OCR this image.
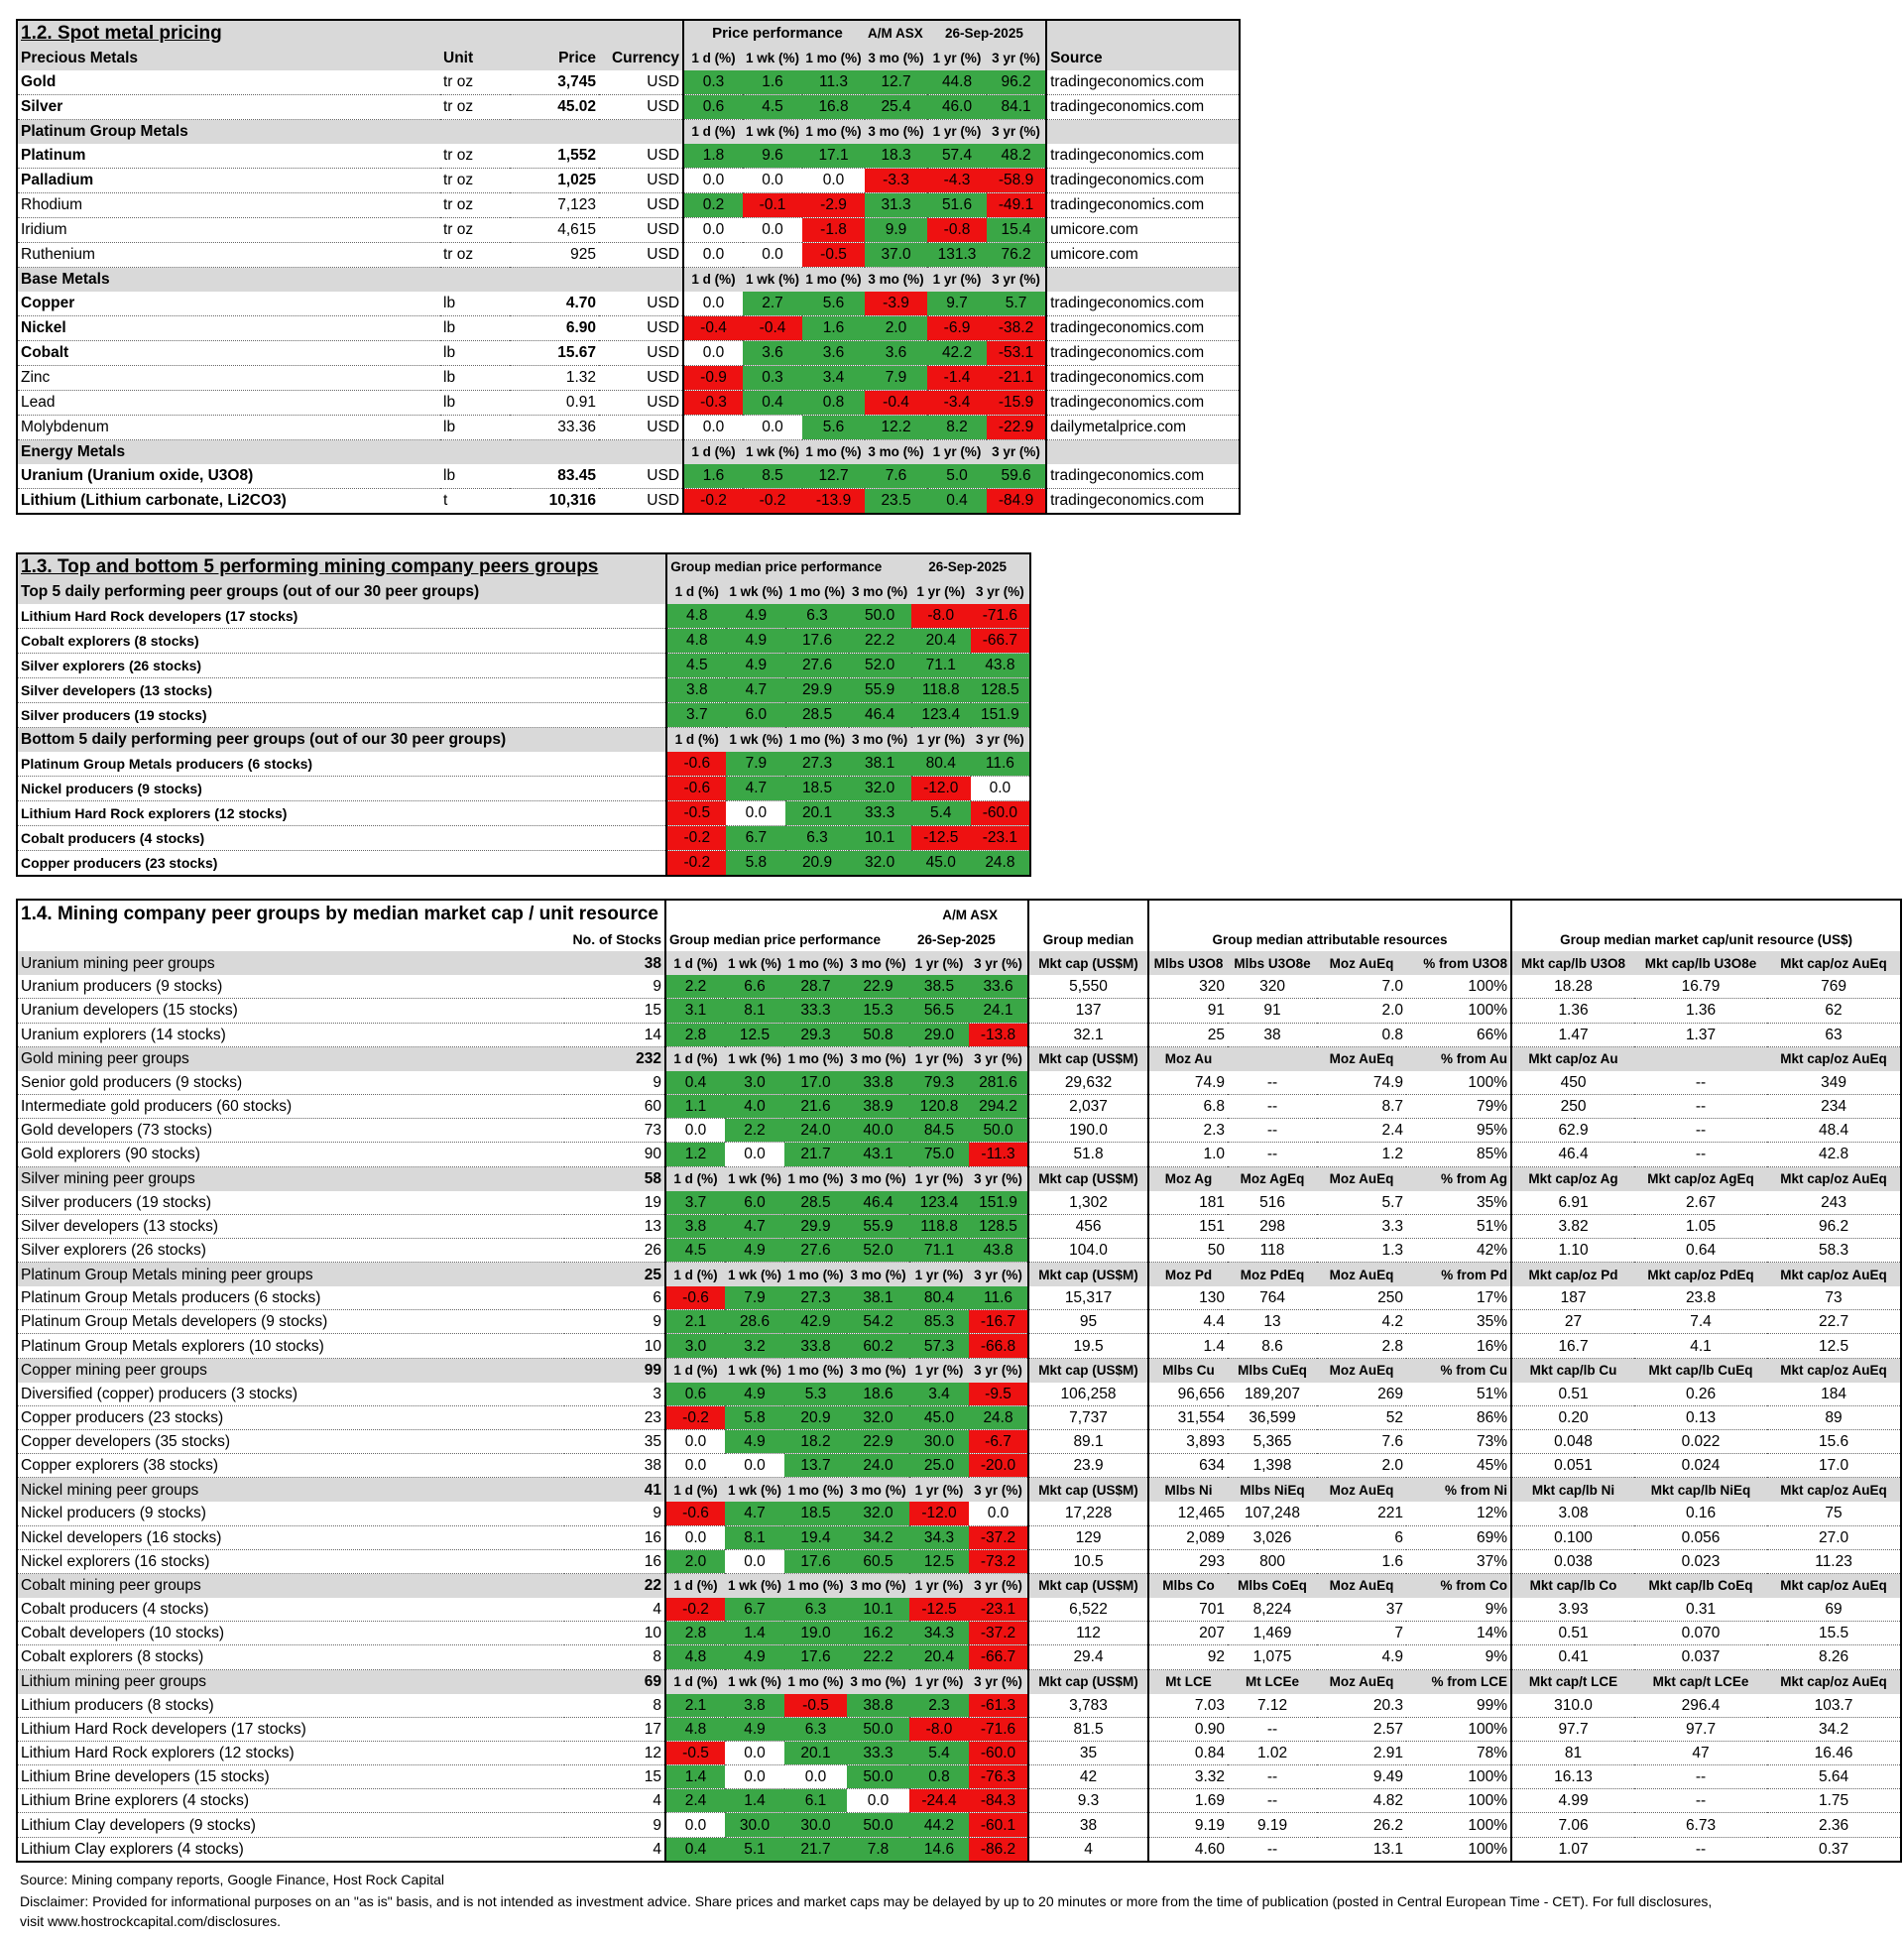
1.2. Spot metal pricing				Price performance A/M ASX 26-Sep-2025						
Precious Metals	Unit	Price	Currency	1 d (%)	1 wk (%)	1 mo (%)	3 mo (%)	1 yr (%)	3 yr (%)	Source
Gold	tr oz	3,745	USD	0.3	1.6	11.3	12.7	44.8	96.2	tradingeconomics.com
Silver	tr oz	45.02	USD	0.6	4.5	16.8	25.4	46.0	84.1	tradingeconomics.com
Platinum Group Metals				1 d (%)	1 wk (%)	1 mo (%)	3 mo (%)	1 yr (%)	3 yr (%)	
Platinum	tr oz	1,552	USD	1.8	9.6	17.1	18.3	57.4	48.2	tradingeconomics.com
Palladium	tr oz	1,025	USD	0.0	0.0	0.0	-3.3	-4.3	-58.9	tradingeconomics.com
Rhodium	tr oz	7,123	USD	0.2	-0.1	-2.9	31.3	51.6	-49.1	tradingeconomics.com
Iridium	tr oz	4,615	USD	0.0	0.0	-1.8	9.9	-0.8	15.4	umicore.com
Ruthenium	tr oz	925	USD	0.0	0.0	-0.5	37.0	131.3	76.2	umicore.com
Base Metals				1 d (%)	1 wk (%)	1 mo (%)	3 mo (%)	1 yr (%)	3 yr (%)	
Copper	lb	4.70	USD	0.0	2.7	5.6	-3.9	9.7	5.7	tradingeconomics.com
Nickel	lb	6.90	USD	-0.4	-0.4	1.6	2.0	-6.9	-38.2	tradingeconomics.com
Cobalt	lb	15.67	USD	0.0	3.6	3.6	3.6	42.2	-53.1	tradingeconomics.com
Zinc	lb	1.32	USD	-0.9	0.3	3.4	7.9	-1.4	-21.1	tradingeconomics.com
Lead	lb	0.91	USD	-0.3	0.4	0.8	-0.4	-3.4	-15.9	tradingeconomics.com
Molybdenum	lb	33.36	USD	0.0	0.0	5.6	12.2	8.2	-22.9	dailymetalprice.com
Energy Metals				1 d (%)	1 wk (%)	1 mo (%)	3 mo (%)	1 yr (%)	3 yr (%)	
Uranium (Uranium oxide, U3O8)	lb	83.45	USD	1.6	8.5	12.7	7.6	5.0	59.6	tradingeconomics.com
Lithium (Lithium carbonate, Li2CO3)	t	10,316	USD	-0.2	-0.2	-13.9	23.5	0.4	-84.9	tradingeconomics.com
1.3. Top and bottom 5 performing mining company peers groups	Group median price performance 26-Sep-2025					
Top 5 daily performing peer groups (out of our 30 peer groups)	1 d (%)	1 wk (%)	1 mo (%)	3 mo (%)	1 yr (%)	3 yr (%)
Lithium Hard Rock developers (17 stocks)	4.8	4.9	6.3	50.0	-8.0	-71.6
Cobalt explorers (8 stocks)	4.8	4.9	17.6	22.2	20.4	-66.7
Silver explorers (26 stocks)	4.5	4.9	27.6	52.0	71.1	43.8
Silver developers (13 stocks)	3.8	4.7	29.9	55.9	118.8	128.5
Silver producers (19 stocks)	3.7	6.0	28.5	46.4	123.4	151.9
Bottom 5 daily performing peer groups (out of our 30 peer groups)	1 d (%)	1 wk (%)	1 mo (%)	3 mo (%)	1 yr (%)	3 yr (%)
Platinum Group Metals producers (6 stocks)	-0.6	7.9	27.3	38.1	80.4	11.6
Nickel producers (9 stocks)	-0.6	4.7	18.5	32.0	-12.0	0.0
Lithium Hard Rock explorers (12 stocks)	-0.5	0.0	20.1	33.3	5.4	-60.0
Cobalt producers (4 stocks)	-0.2	6.7	6.3	10.1	-12.5	-23.1
Copper producers (23 stocks)	-0.2	5.8	20.9	32.0	45.0	24.8
1.4. Mining company peer groups by median market cap / unit resource		A/M ASX													
	No. of Stocks	Group median price performance 26-Sep-2025						Group median	Group median attributable resources				Group median market cap/unit resource (US$)		
Uranium mining peer groups	38	1 d (%)	1 wk (%)	1 mo (%)	3 mo (%)	1 yr (%)	3 yr (%)	Mkt cap (US$M)	Mlbs U3O8	Mlbs U3O8e	Moz AuEq	% from U3O8	Mkt cap/lb U3O8	Mkt cap/lb U3O8e	Mkt cap/oz AuEq
Uranium producers (9 stocks)	9	2.2	6.6	28.7	22.9	38.5	33.6	5,550	320	320	7.0	100%	18.28	16.79	769
Uranium developers (15 stocks)	15	3.1	8.1	33.3	15.3	56.5	24.1	137	91	91	2.0	100%	1.36	1.36	62
Uranium explorers (14 stocks)	14	2.8	12.5	29.3	50.8	29.0	-13.8	32.1	25	38	0.8	66%	1.47	1.37	63
Gold mining peer groups	232	1 d (%)	1 wk (%)	1 mo (%)	3 mo (%)	1 yr (%)	3 yr (%)	Mkt cap (US$M)	Moz Au		Moz AuEq	% from Au	Mkt cap/oz Au		Mkt cap/oz AuEq
Senior gold producers (9 stocks)	9	0.4	3.0	17.0	33.8	79.3	281.6	29,632	74.9	--	74.9	100%	450	--	349
Intermediate gold producers (60 stocks)	60	1.1	4.0	21.6	38.9	120.8	294.2	2,037	6.8	--	8.7	79%	250	--	234
Gold developers (73 stocks)	73	0.0	2.2	24.0	40.0	84.5	50.0	190.0	2.3	--	2.4	95%	62.9	--	48.4
Gold explorers (90 stocks)	90	1.2	0.0	21.7	43.1	75.0	-11.3	51.8	1.0	--	1.2	85%	46.4	--	42.8
Silver mining peer groups	58	1 d (%)	1 wk (%)	1 mo (%)	3 mo (%)	1 yr (%)	3 yr (%)	Mkt cap (US$M)	Moz Ag	Moz AgEq	Moz AuEq	% from Ag	Mkt cap/oz Ag	Mkt cap/oz AgEq	Mkt cap/oz AuEq
Silver producers (19 stocks)	19	3.7	6.0	28.5	46.4	123.4	151.9	1,302	181	516	5.7	35%	6.91	2.67	243
Silver developers (13 stocks)	13	3.8	4.7	29.9	55.9	118.8	128.5	456	151	298	3.3	51%	3.82	1.05	96.2
Silver explorers (26 stocks)	26	4.5	4.9	27.6	52.0	71.1	43.8	104.0	50	118	1.3	42%	1.10	0.64	58.3
Platinum Group Metals mining peer groups	25	1 d (%)	1 wk (%)	1 mo (%)	3 mo (%)	1 yr (%)	3 yr (%)	Mkt cap (US$M)	Moz Pd	Moz PdEq	Moz AuEq	% from Pd	Mkt cap/oz Pd	Mkt cap/oz PdEq	Mkt cap/oz AuEq
Platinum Group Metals producers (6 stocks)	6	-0.6	7.9	27.3	38.1	80.4	11.6	15,317	130	764	250	17%	187	23.8	73
Platinum Group Metals developers (9 stocks)	9	2.1	28.6	42.9	54.2	85.3	-16.7	95	4.4	13	4.2	35%	27	7.4	22.7
Platinum Group Metals explorers (10 stocks)	10	3.0	3.2	33.8	60.2	57.3	-66.8	19.5	1.4	8.6	2.8	16%	16.7	4.1	12.5
Copper mining peer groups	99	1 d (%)	1 wk (%)	1 mo (%)	3 mo (%)	1 yr (%)	3 yr (%)	Mkt cap (US$M)	Mlbs Cu	Mlbs CuEq	Moz AuEq	% from Cu	Mkt cap/lb Cu	Mkt cap/lb CuEq	Mkt cap/oz AuEq
Diversified (copper) producers (3 stocks)	3	0.6	4.9	5.3	18.6	3.4	-9.5	106,258	96,656	189,207	269	51%	0.51	0.26	184
Copper producers (23 stocks)	23	-0.2	5.8	20.9	32.0	45.0	24.8	7,737	31,554	36,599	52	86%	0.20	0.13	89
Copper developers (35 stocks)	35	0.0	4.9	18.2	22.9	30.0	-6.7	89.1	3,893	5,365	7.6	73%	0.048	0.022	15.6
Copper explorers (38 stocks)	38	0.0	0.0	13.7	24.0	25.0	-20.0	23.9	634	1,398	2.0	45%	0.051	0.024	17.0
Nickel mining peer groups	41	1 d (%)	1 wk (%)	1 mo (%)	3 mo (%)	1 yr (%)	3 yr (%)	Mkt cap (US$M)	Mlbs Ni	Mlbs NiEq	Moz AuEq	% from Ni	Mkt cap/lb Ni	Mkt cap/lb NiEq	Mkt cap/oz AuEq
Nickel producers (9 stocks)	9	-0.6	4.7	18.5	32.0	-12.0	0.0	17,228	12,465	107,248	221	12%	3.08	0.16	75
Nickel developers (16 stocks)	16	0.0	8.1	19.4	34.2	34.3	-37.2	129	2,089	3,026	6	69%	0.100	0.056	27.0
Nickel explorers (16 stocks)	16	2.0	0.0	17.6	60.5	12.5	-73.2	10.5	293	800	1.6	37%	0.038	0.023	11.23
Cobalt mining peer groups	22	1 d (%)	1 wk (%)	1 mo (%)	3 mo (%)	1 yr (%)	3 yr (%)	Mkt cap (US$M)	Mlbs Co	Mlbs CoEq	Moz AuEq	% from Co	Mkt cap/lb Co	Mkt cap/lb CoEq	Mkt cap/oz AuEq
Cobalt producers (4 stocks)	4	-0.2	6.7	6.3	10.1	-12.5	-23.1	6,522	701	8,224	37	9%	3.93	0.31	69
Cobalt developers (10 stocks)	10	2.8	1.4	19.0	16.2	34.3	-37.2	112	207	1,469	7	14%	0.51	0.070	15.5
Cobalt explorers (8 stocks)	8	4.8	4.9	17.6	22.2	20.4	-66.7	29.4	92	1,075	4.9	9%	0.41	0.037	8.26
Lithium mining peer groups	69	1 d (%)	1 wk (%)	1 mo (%)	3 mo (%)	1 yr (%)	3 yr (%)	Mkt cap (US$M)	Mt LCE	Mt LCEe	Moz AuEq	% from LCE	Mkt cap/t LCE	Mkt cap/t LCEe	Mkt cap/oz AuEq
Lithium producers (8 stocks)	8	2.1	3.8	-0.5	38.8	2.3	-61.3	3,783	7.03	7.12	20.3	99%	310.0	296.4	103.7
Lithium Hard Rock developers (17 stocks)	17	4.8	4.9	6.3	50.0	-8.0	-71.6	81.5	0.90	--	2.57	100%	97.7	97.7	34.2
Lithium Hard Rock explorers (12 stocks)	12	-0.5	0.0	20.1	33.3	5.4	-60.0	35	0.84	1.02	2.91	78%	81	47	16.46
Lithium Brine developers (15 stocks)	15	1.4	0.0	0.0	50.0	0.8	-76.3	42	3.32	--	9.49	100%	16.13	--	5.64
Lithium Brine explorers (4 stocks)	4	2.4	1.4	6.1	0.0	-24.4	-84.3	9.3	1.69	--	4.82	100%	4.99	--	1.75
Lithium Clay developers (9 stocks)	9	0.0	30.0	30.0	50.0	44.2	-60.1	38	9.19	9.19	26.2	100%	7.06	6.73	2.36
Lithium Clay explorers (4 stocks)	4	0.4	5.1	21.7	7.8	14.6	-86.2	4	4.60	--	13.1	100%	1.07	--	0.37
Source: Mining company reports, Google Finance, Host Rock Capital
Disclaimer: Provided for informational purposes on an "as is" basis, and is not intended as investment advice. Share prices and market caps may be delayed by up to 20 minutes or more from the time of publication (posted in Central European Time - CET). For full disclosures,
visit www.hostrockcapital.com/disclosures.
